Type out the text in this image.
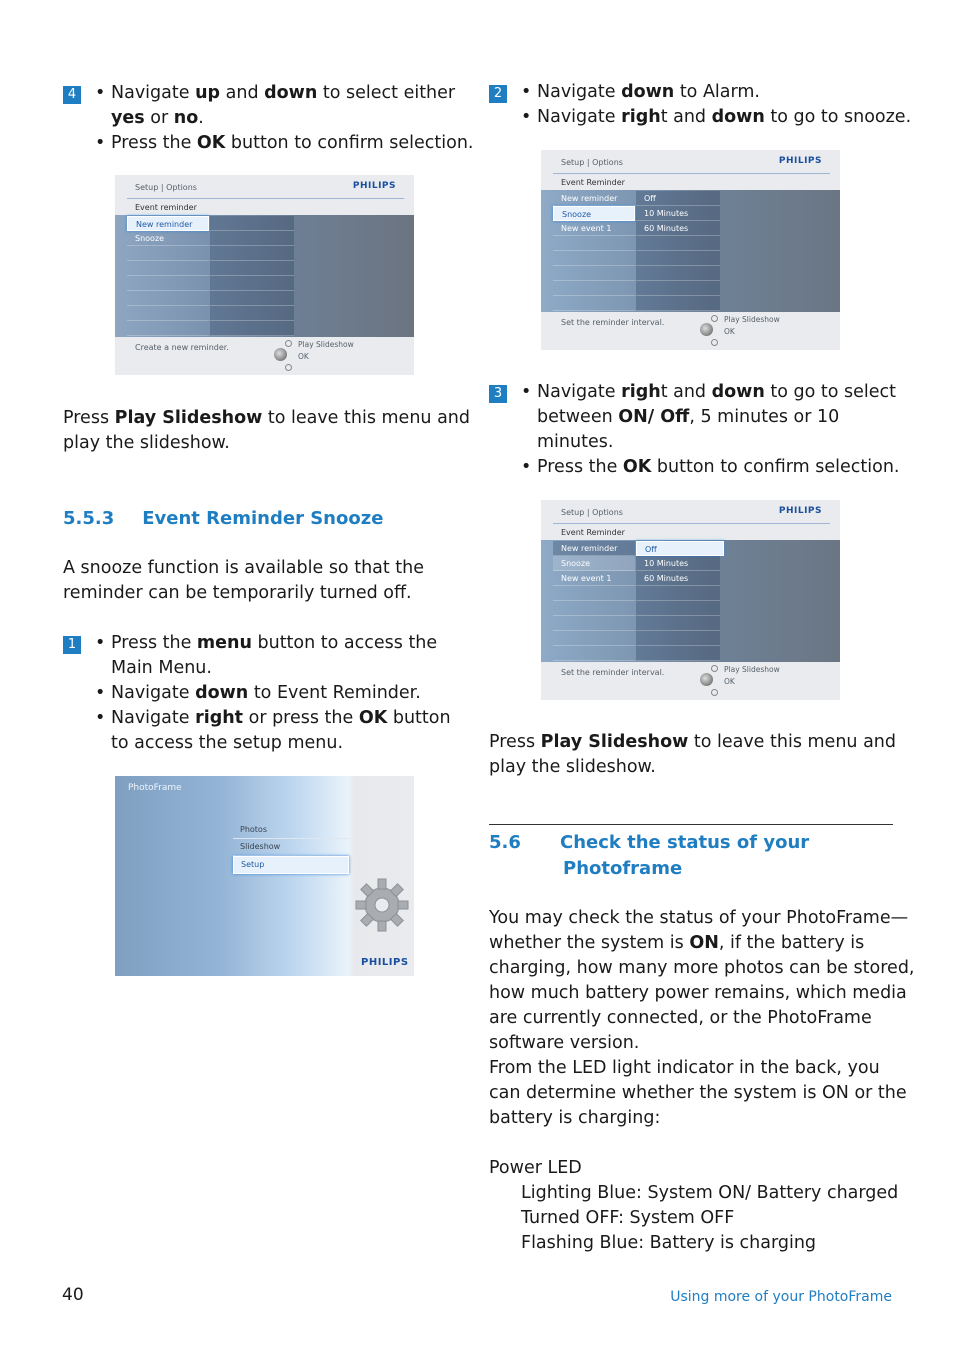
4 • Navigate up and down to select either
yes or no.
• Press the OK button to confirm selection.
Setup | Options	PHILIPS
Event reminder
New reminder
Snooze
Create a new reminder.	Play Slideshow
OK
Press Play Slideshow to leave this menu and
play the slideshow.
5.5.3 Event Reminder Snooze
A snooze function is available so that the
reminder can be temporarily turned off.
1 • Press the menu button to access the
Main Menu.
• Navigate down to Event Reminder.
• Navigate right or press the OK button
to access the setup menu.
PhotoFrame
Photos
Slideshow
Setup
PHILIPS
2 • Navigate down to Alarm.
• Navigate right and down to go to snooze.
Setup | Options	PHILIPS
Event Reminder
New reminder
Snooze
New event 1
Off
10 Minutes
60 Minutes
Set the reminder interval.	Play Slideshow
OK
3 • Navigate right and down to go to select
between ON/ Off, 5 minutes or 10
minutes.
• Press the OK button to confirm selection.
Setup | Options	PHILIPS
Event Reminder
New reminder
Snooze
New event 1
Off
10 Minutes
60 Minutes
Set the reminder interval.	Play Slideshow
OK
Press Play Slideshow to leave this menu and
play the slideshow.
5.6 Check the status of your
Photoframe
You may check the status of your PhotoFrame—
whether the system is ON, if the battery is
charging, how many more photos can be stored,
how much battery power remains, which media
are currently connected, or the PhotoFrame
software version.
From the LED light indicator in the back, you
can determine whether the system is ON or the
battery is charging:
Power LED
Lighting Blue: System ON/ Battery charged
Turned OFF: System OFF
Flashing Blue: Battery is charging
40	Using more of your PhotoFrame
